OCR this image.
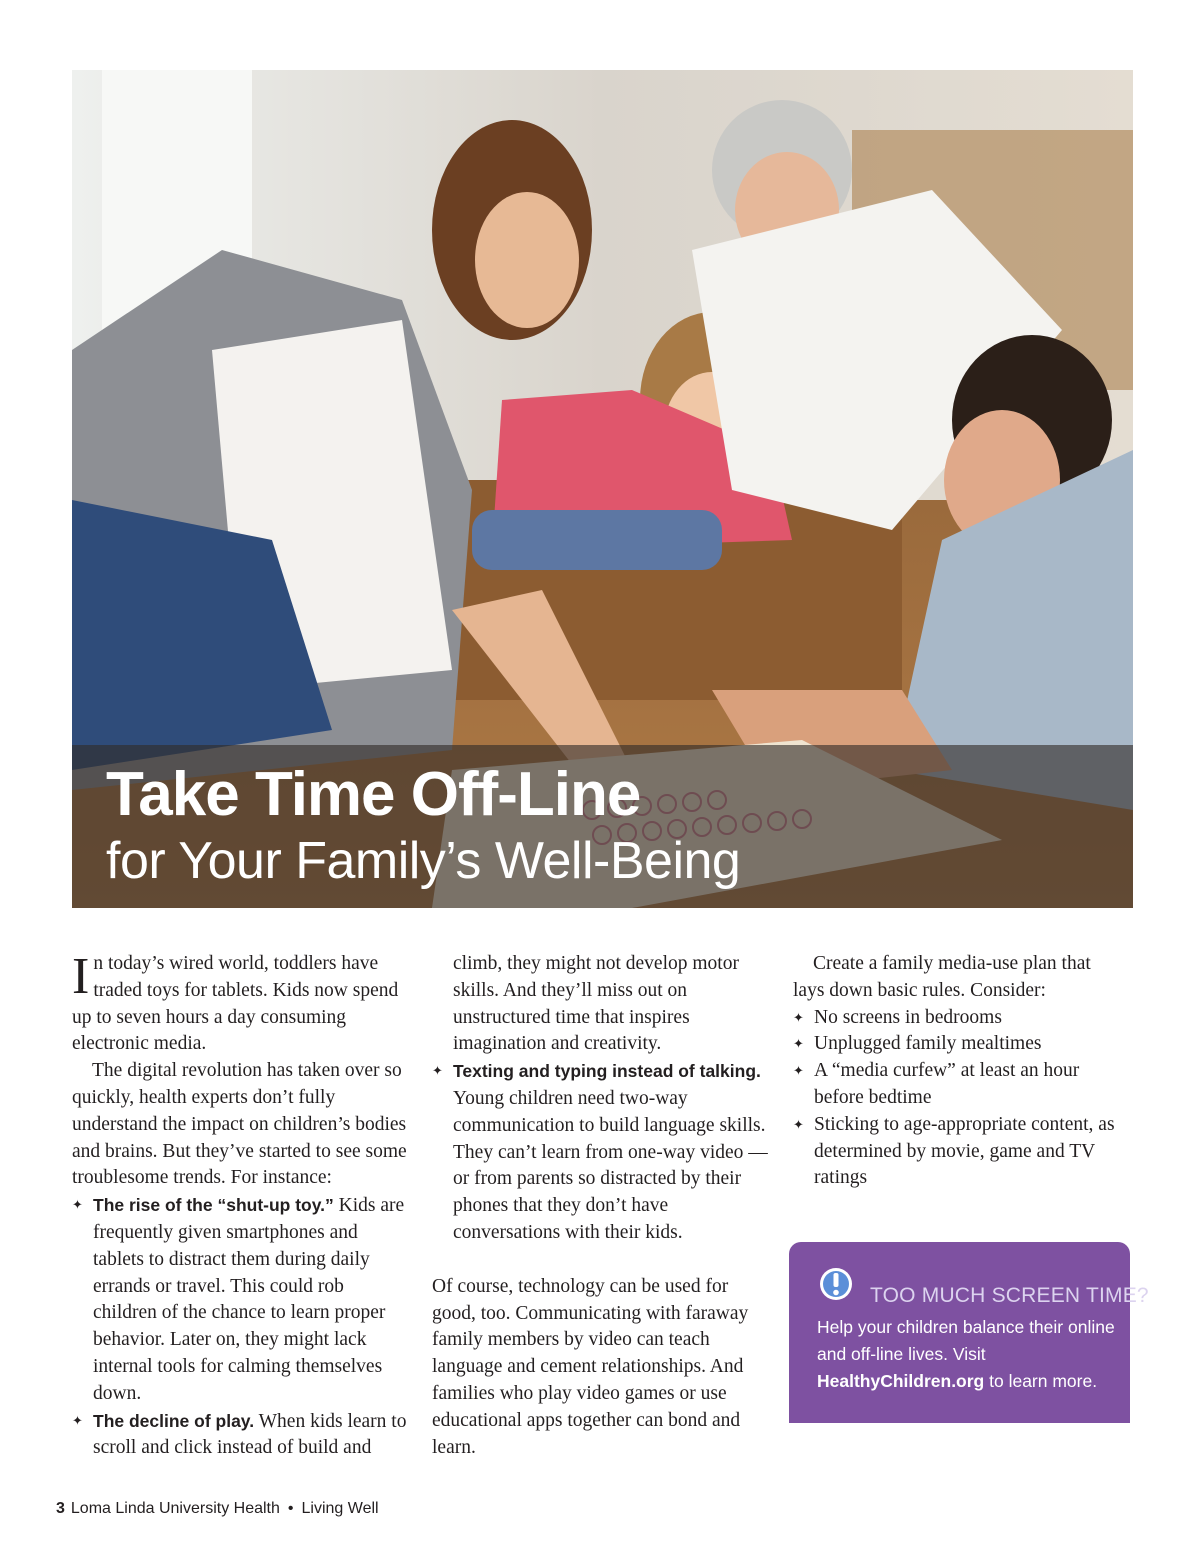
Take Time Off-Line
for Your Family’s Well-Being

In today’s wired world, toddlers have traded toys for tablets. Kids now spend up to seven hours a day consuming electronic media.

The digital revolution has taken over so quickly, health experts don’t fully understand the impact on children’s bodies and brains. But they’ve started to see some troublesome trends. For instance:

✦ The rise of the “shut-up toy.” Kids are frequently given smartphones and tablets to distract them during daily errands or travel. This could rob children of the chance to learn proper behavior. Later on, they might lack internal tools for calming themselves down.
✦ The decline of play. When kids learn to scroll and click instead of build and
climb, they might not develop motor skills. And they’ll miss out on unstructured time that inspires imagination and creativity.
✦ Texting and typing instead of talking. Young children need two-way communication to build language skills. They can’t learn from one-way video — or from parents so distracted by their phones that they don’t have conversations with their kids.

Of course, technology can be used for good, too. Communicating with faraway family members by video can teach language and cement relationships. And families who play video games or use educational apps together can bond and learn.

Create a family media-use plan that lays down basic rules. Consider:

✦ No screens in bedrooms
✦ Unplugged family mealtimes
✦ A “media curfew” at least an hour before bedtime
✦ Sticking to age-appropriate content, as determined by movie, game and TV ratings
TOO MUCH SCREEN TIME?
Help your children balance their online and off-line lives. Visit HealthyChildren.org to learn more.
3 Loma Linda University Health • Living Well
